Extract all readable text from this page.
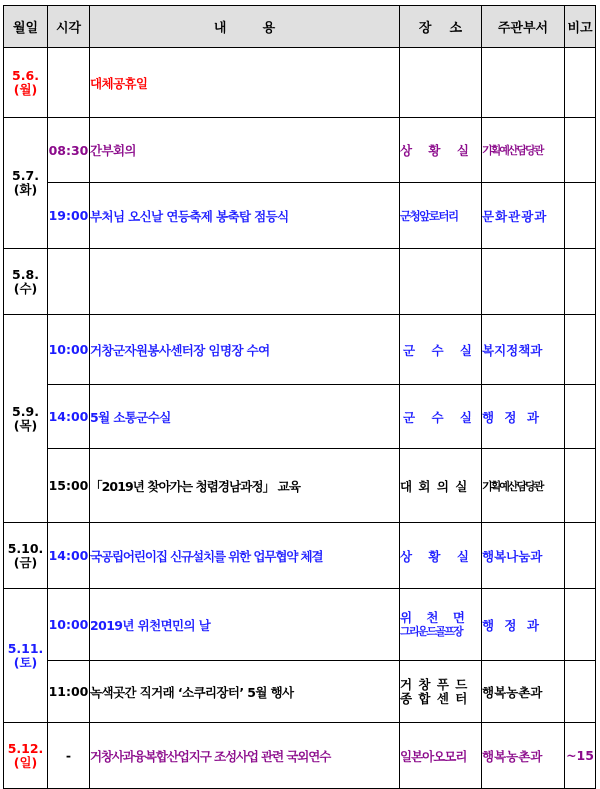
월일	시각	내        용	장    소	주관부서	비고

5.6.
(월)		대체공휴일			

5.7.
(화)	08:30	간부회의	상 황 실	기획예산담당관	
	19:00	부처님 오신날 연등축제 봉축탑 점등식	군청앞로터리	문화관광과	

5.8.
(수)					

5.9.
(목)	10:00	거창군자원봉사센터장 임명장 수여	군 수 실	복지정책과	
	14:00	5월 소통군수실	군 수 실	행 정 과	
	15:00	「2019년 찾아가는 청렴경남과정」 교육	대 회 의 실	기획예산담당관	

5.10.
(금)	14:00	국공립어린이집 신규설치를 위한 업무협약 체결	상 황 실	행복나눔과	

5.11.
(토)	10:00	2019년 위천면민의 날	위 천 면
그리운드골프장	행 정 과	
	11:00	녹색곳간 직거래 ‘소쿠리장터’ 5월 행사	거 창 푸 드
종 합 센 터	행복농촌과	

5.12.
(일)	-	거창사과융복합산업지구 조성사업 관련 국외연수	일본아오모리	행복농촌과	~15
